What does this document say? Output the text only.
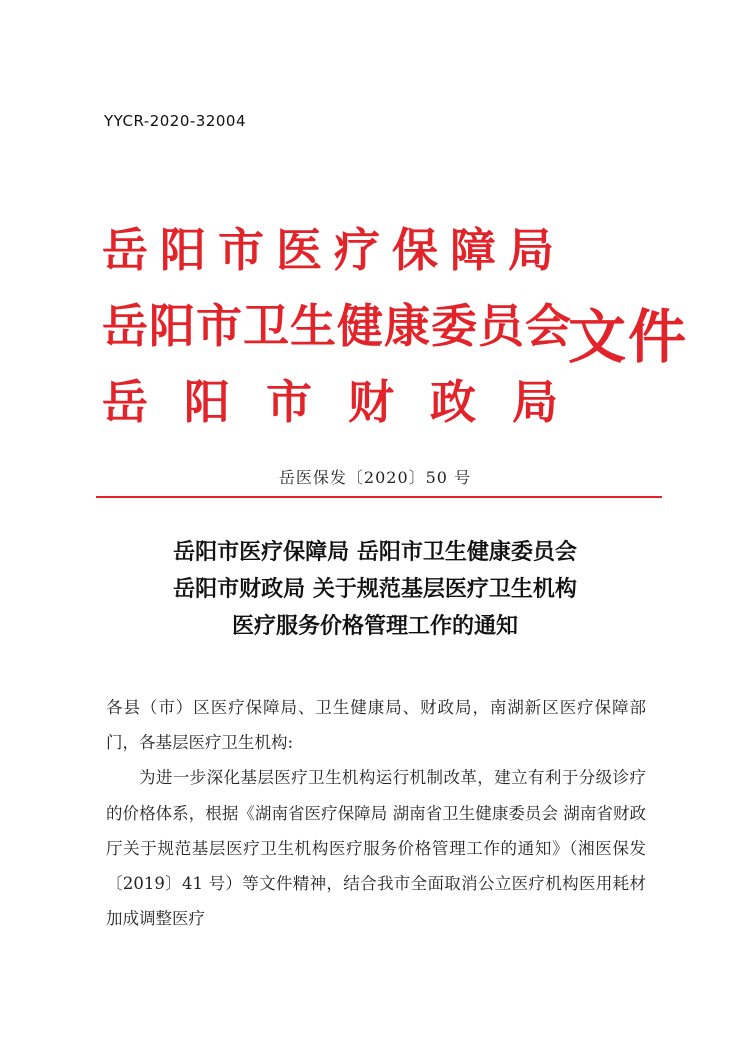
YYCR-2020-32004
岳阳市医疗保障局
岳阳市卫生健康委员会
岳阳市财政局
文件
岳医保发〔2020〕50 号
岳阳市医疗保障局 岳阳市卫生健康委员会
岳阳市财政局 关于规范基层医疗卫生机构
医疗服务价格管理工作的通知

各县（市）区医疗保障局、卫生健康局、财政局，南湖新区医疗保障部门，各基层医疗卫生机构:

为进一步深化基层医疗卫生机构运行机制改革，建立有利于分级诊疗的价格体系，根据《湖南省医疗保障局 湖南省卫生健康委员会 湖南省财政厅关于规范基层医疗卫生机构医疗服务价格管理工作的通知》（湘医保发〔2019〕41 号）等文件精神，结合我市全面取消公立医疗机构医用耗材加成调整医疗
